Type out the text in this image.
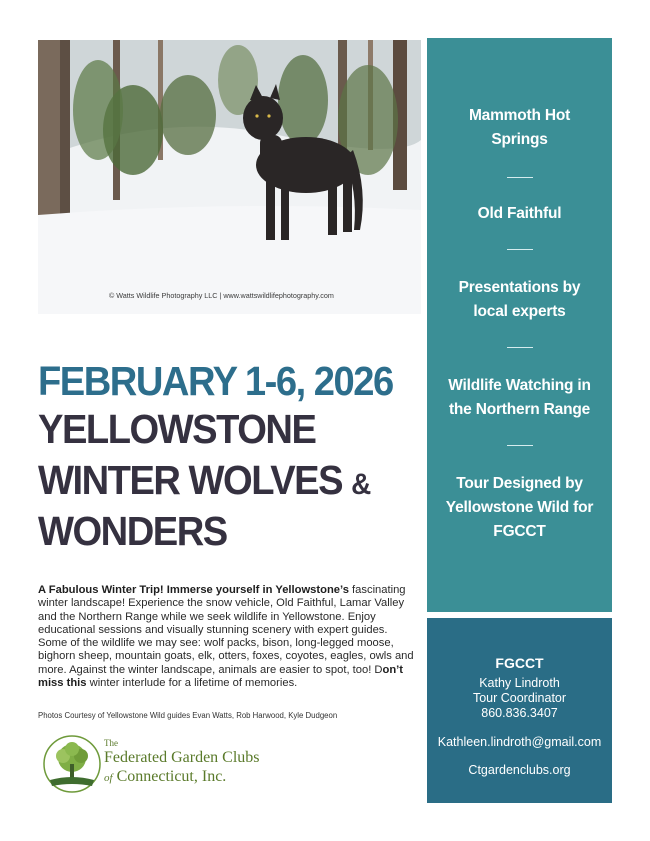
© Watts Wildlife Photography LLC | www.wattswildlifephotography.com
Mammoth Hot
Springs
Old Faithful
Presentations by
local experts
Wildlife Watching in
the Northern Range
Tour Designed by
Yellowstone Wild for
FGCCT
FGCCT
Kathy Lindroth
Tour Coordinator
860.836.3407
Kathleen.lindroth@gmail.com
Ctgardenclubs.org
FEBRUARY 1-6, 2026
YELLOWSTONE
WINTER WOLVES &
WONDERS
A Fabulous Winter Trip! Immerse yourself in Yellowstone’s fascinating winter landscape! Experience the snow vehicle, Old Faithful, Lamar Valley and the Northern Range while we seek wildlife in Yellowstone. Enjoy educational sessions and visually stunning scenery with expert guides. Some of the wildlife we may see: wolf packs, bison, long-legged moose, bighorn sheep, mountain goats, elk, otters, foxes, coyotes, eagles, owls and more. Against the winter landscape, animals are easier to spot, too! Don’t miss this winter interlude for a lifetime of memories.
Photos Courtesy of Yellowstone Wild guides Evan Watts, Rob Harwood, Kyle Dudgeon
The
Federated Garden Clubs
of Connecticut, Inc.
